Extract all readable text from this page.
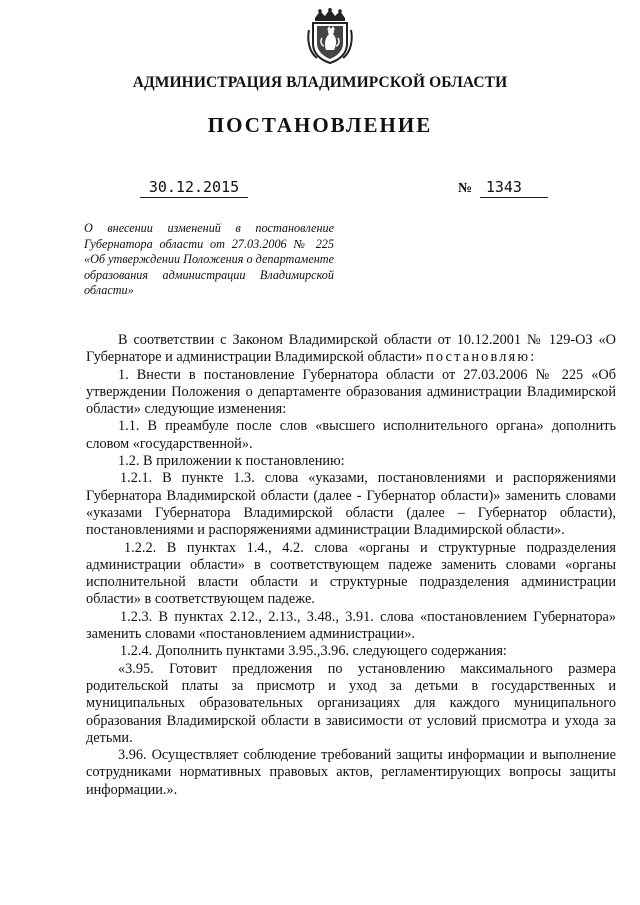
АДМИНИСТРАЦИЯ ВЛАДИМИРСКОЙ ОБЛАСТИ
ПОСТАНОВЛЕНИЕ
30.12.2015	№ 1343
О внесении изменений в постановление Губернатора области от 27.03.2006 № 225 «Об утверждении Положения о департаменте образования администрации Владимирской области»

В соответствии с Законом Владимирской области от 10.12.2001 № 129-ОЗ «О Губернаторе и администрации Владимирской области» постановляю:

1. Внести в постановление Губернатора области от 27.03.2006 № 225 «Об утверждении Положения о департаменте образования администрации Владимирской области» следующие изменения:

1.1. В преамбуле после слов «высшего исполнительного органа» дополнить словом «государственной».

1.2. В приложении к постановлению:

1.2.1. В пункте 1.3. слова «указами, постановлениями и распоряжениями Губернатора Владимирской области (далее - Губернатор области)» заменить словами «указами Губернатора Владимирской области (далее – Губернатор области), постановлениями и распоряжениями администрации Владимирской области».

1.2.2. В пунктах 1.4., 4.2. слова «органы и структурные подразделения администрации области» в соответствующем падеже заменить словами «органы исполнительной власти области и структурные подразделения администрации области» в соответствующем падеже.

1.2.3. В пунктах 2.12., 2.13., 3.48., 3.91. слова «постановлением Губернатора» заменить словами «постановлением администрации».

1.2.4. Дополнить пунктами 3.95.,3.96. следующего содержания:

«3.95. Готовит предложения по установлению максимального размера родительской платы за присмотр и уход за детьми в государственных и муниципальных образовательных организациях для каждого муниципального образования Владимирской области в зависимости от условий присмотра и ухода за детьми.

3.96. Осуществляет соблюдение требований защиты информации и выполнение сотрудниками нормативных правовых актов, регламентирующих вопросы защиты информации.».
